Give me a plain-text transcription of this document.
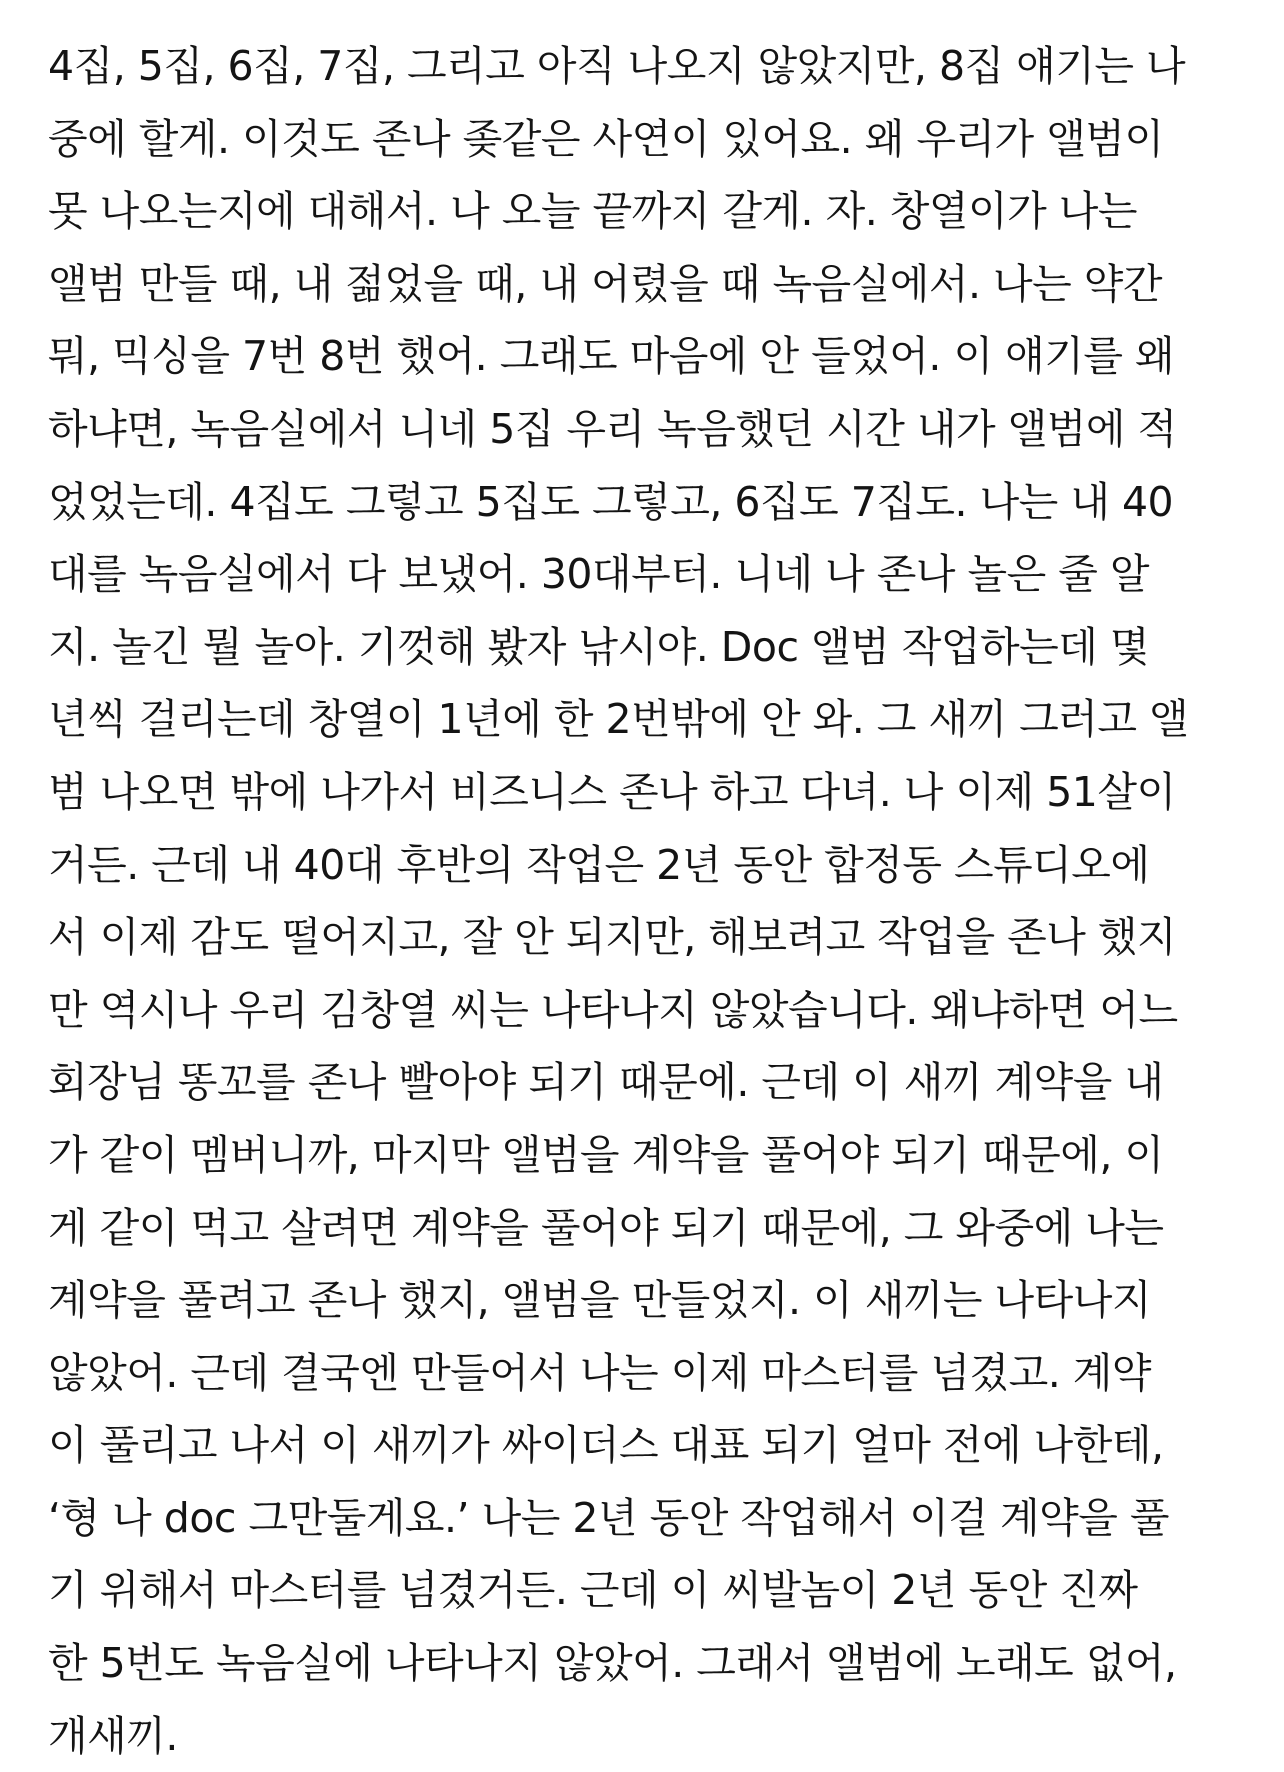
4집, 5집, 6집, 7집, 그리고 아직 나오지 않았지만, 8집 얘기는 나
중에 할게. 이것도 존나 좆같은 사연이 있어요. 왜 우리가 앨범이
못 나오는지에 대해서. 나 오늘 끝까지 갈게. 자. 창열이가 나는
앨범 만들 때, 내 젊었을 때, 내 어렸을 때 녹음실에서. 나는 약간
뭐, 믹싱을 7번 8번 했어. 그래도 마음에 안 들었어. 이 얘기를 왜
하냐면, 녹음실에서 니네 5집 우리 녹음했던 시간 내가 앨범에 적
었었는데. 4집도 그렇고 5집도 그렇고, 6집도 7집도. 나는 내 40
대를 녹음실에서 다 보냈어. 30대부터. 니네 나 존나 놀은 줄 알
지. 놀긴 뭘 놀아. 기껏해 봤자 낚시야. Doc 앨범 작업하는데 몇
년씩 걸리는데 창열이 1년에 한 2번밖에 안 와. 그 새끼 그러고 앨
범 나오면 밖에 나가서 비즈니스 존나 하고 다녀. 나 이제 51살이
거든. 근데 내 40대 후반의 작업은 2년 동안 합정동 스튜디오에
서 이제 감도 떨어지고, 잘 안 되지만, 해보려고 작업을 존나 했지
만 역시나 우리 김창열 씨는 나타나지 않았습니다. 왜냐하면 어느
회장님 똥꼬를 존나 빨아야 되기 때문에. 근데 이 새끼 계약을 내
가 같이 멤버니까, 마지막 앨범을 계약을 풀어야 되기 때문에, 이
게 같이 먹고 살려면 계약을 풀어야 되기 때문에, 그 와중에 나는
계약을 풀려고 존나 했지, 앨범을 만들었지. 이 새끼는 나타나지
않았어. 근데 결국엔 만들어서 나는 이제 마스터를 넘겼고. 계약
이 풀리고 나서 이 새끼가 싸이더스 대표 되기 얼마 전에 나한테,
‘형 나 doc 그만둘게요.’ 나는 2년 동안 작업해서 이걸 계약을 풀
기 위해서 마스터를 넘겼거든. 근데 이 씨발놈이 2년 동안 진짜
한 5번도 녹음실에 나타나지 않았어. 그래서 앨범에 노래도 없어,
개새끼.
